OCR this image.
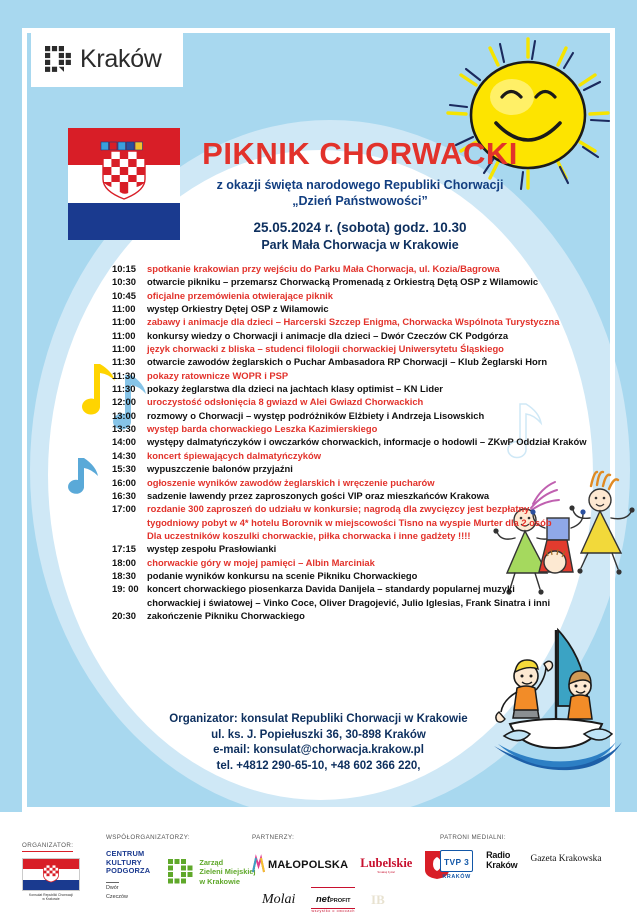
Kraków
PIKNIK CHORWACKI
z okazji święta narodowego Republiki Chorwacji
„Dzień Państwowości”
25.05.2024 r. (sobota) godz. 10.30
Park Mała Chorwacja w Krakowie
10:15	spotkanie krakowian przy wejściu do Parku Mała Chorwacja, ul. Kozia/Bagrowa
10:30	otwarcie pikniku – przemarsz Chorwacką Promenadą z Orkiestrą Dętą OSP z Wilamowic
10:45	oficjalne przemówienia otwierające piknik
11:00	występ Orkiestry Dętej OSP z Wilamowic
11:00	zabawy i animacje dla dzieci – Harcerski Szczep Enigma, Chorwacka Wspólnota Turystyczna
11:00	konkursy wiedzy o Chorwacji i animacje dla dzieci – Dwór Czeczów CK Podgórza
11:00	język chorwacki z bliska – studenci filologii chorwackiej Uniwersytetu Śląskiego
11:30	otwarcie zawodów żeglarskich o Puchar Ambasadora RP Chorwacji – Klub Żeglarski Horn
11:30	pokazy ratownicze WOPR i PSP
11:30	pokazy żeglarstwa dla dzieci na jachtach klasy optimist – KN Lider
12:00	uroczystość odsłonięcia 8 gwiazd w Alei Gwiazd Chorwackich
13:00	rozmowy o Chorwacji – występ podróżników Elżbiety i Andrzeja Lisowskich
13:30	występ barda chorwackiego Leszka Kazimierskiego
14:00	występy dalmatyńczyków i owczarków chorwackich, informacje o hodowli – ZKwP Oddział Kraków
14:30	koncert śpiewających dalmatyńczyków
15:30	wypuszczenie balonów przyjaźni
16:00	ogłoszenie wyników zawodów żeglarskich i wręczenie pucharów
16:30	sadzenie lawendy przez zaproszonych gości VIP oraz mieszkańców Krakowa
17:00	rozdanie 300 zaproszeń do udziału w konkursie; nagrodą dla zwycięzcy jest bezpłatny
tygodniowy pobyt w 4* hotelu Borovnik w miejscowości Tisno na wyspie Murter dla 2 osób
Dla uczestników koszulki chorwackie, piłka chorwacka i inne gadżety !!!!
17:15	występ zespołu Prasłowianki
18:00	chorwackie góry w mojej pamięci – Albin Marciniak
18:30	podanie wyników konkursu na scenie Pikniku Chorwackiego
19: 00 koncert chorwackiego piosenkarza Davida Danijela – standardy popularnej muzyki
chorwackiej i światowej – Vinko Coce, Oliver Dragojević, Julio Iglesias, Frank Sinatra i inni
20:30	zakończenie Pikniku Chorwackiego
Organizator: konsulat Republiki Chorwacji w Krakowie
ul. ks. J. Popiełuszki 36, 30-898 Kraków
e-mail: konsulat@chorwacja.krakow.pl
tel. +4812 290-65-10, +48 602 366 220,
ORGANIZATOR:
Konsulat Republiki Chorwacji
w Krakowie
WSPÓŁORGANIZATORZY:
CENTRUM
KULTURY
PODGORZA
Dwór
Czeczów
Zarząd
Zieleni Miejskiej
w Krakowie
PARTNERZY:
MAŁOPOLSKA Lubelskie
Smakuj życie!
Molai	netPROFIT
wszystko o owocach
IB
PATRONI MEDIALNI:
TVP 3
KRAKÓW
Radio
Kraków
Gazeta Krakowska
